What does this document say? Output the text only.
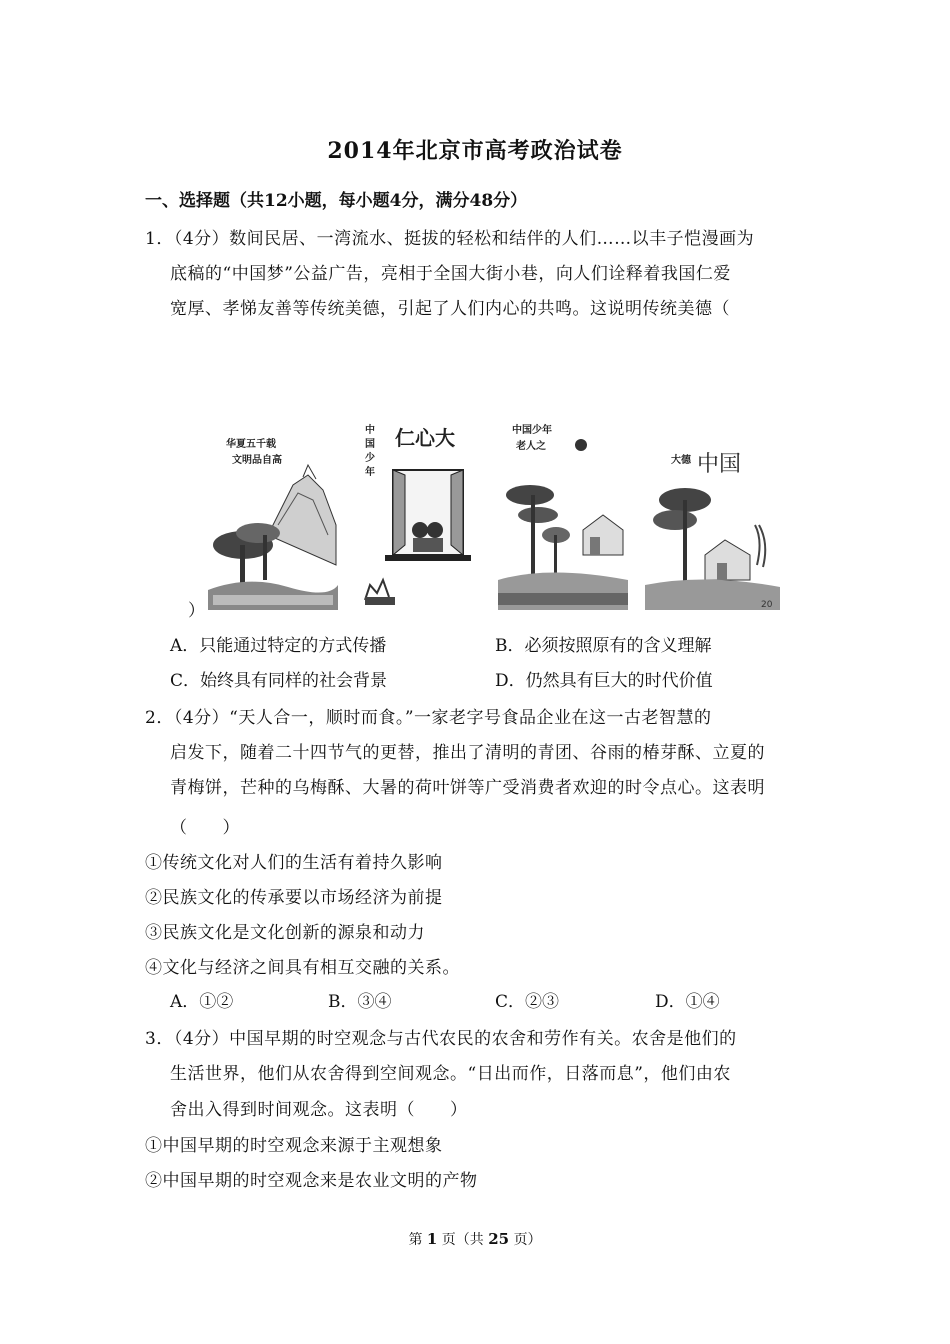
2014年北京市高考政治试卷
一、选择题（共12小题，每小题4分，满分48分）
1．（4分）数间民居、一湾流水、挺拔的轻松和结伴的人们……以丰子恺漫画为
底稿的“中国梦”公益广告，亮相于全国大街小巷，向人们诠释着我国仁爱
宽厚、孝悌友善等传统美德，引起了人们内心的共鸣。这说明传统美德（
华夏五千载
文明品自高
中
国
少
年
仁心大	中国少年
老人之
大德 中国
20
）
A．只能通过特定的方式传播	B．必须按照原有的含义理解
C．始终具有同样的社会背景	D．仍然具有巨大的时代价值
2．（4分）“天人合一，顺时而食。”一家老字号食品企业在这一古老智慧的
启发下，随着二十四节气的更替，推出了清明的青团、谷雨的椿芽酥、立夏的
青梅饼，芒种的乌梅酥、大暑的荷叶饼等广受消费者欢迎的时令点心。这表明
（　　）
①传统文化对人们的生活有着持久影响
②民族文化的传承要以市场经济为前提
③民族文化是文化创新的源泉和动力
④文化与经济之间具有相互交融的关系。
A．①②	B．③④	C．②③	D．①④
3．（4分）中国早期的时空观念与古代农民的农舍和劳作有关。农舍是他们的
生活世界，他们从农舍得到空间观念。“日出而作，日落而息”，他们由农
舍出入得到时间观念。这表明（　　）
①中国早期的时空观念来源于主观想象
②中国早期的时空观念来是农业文明的产物
第 1 页（共 25 页）
